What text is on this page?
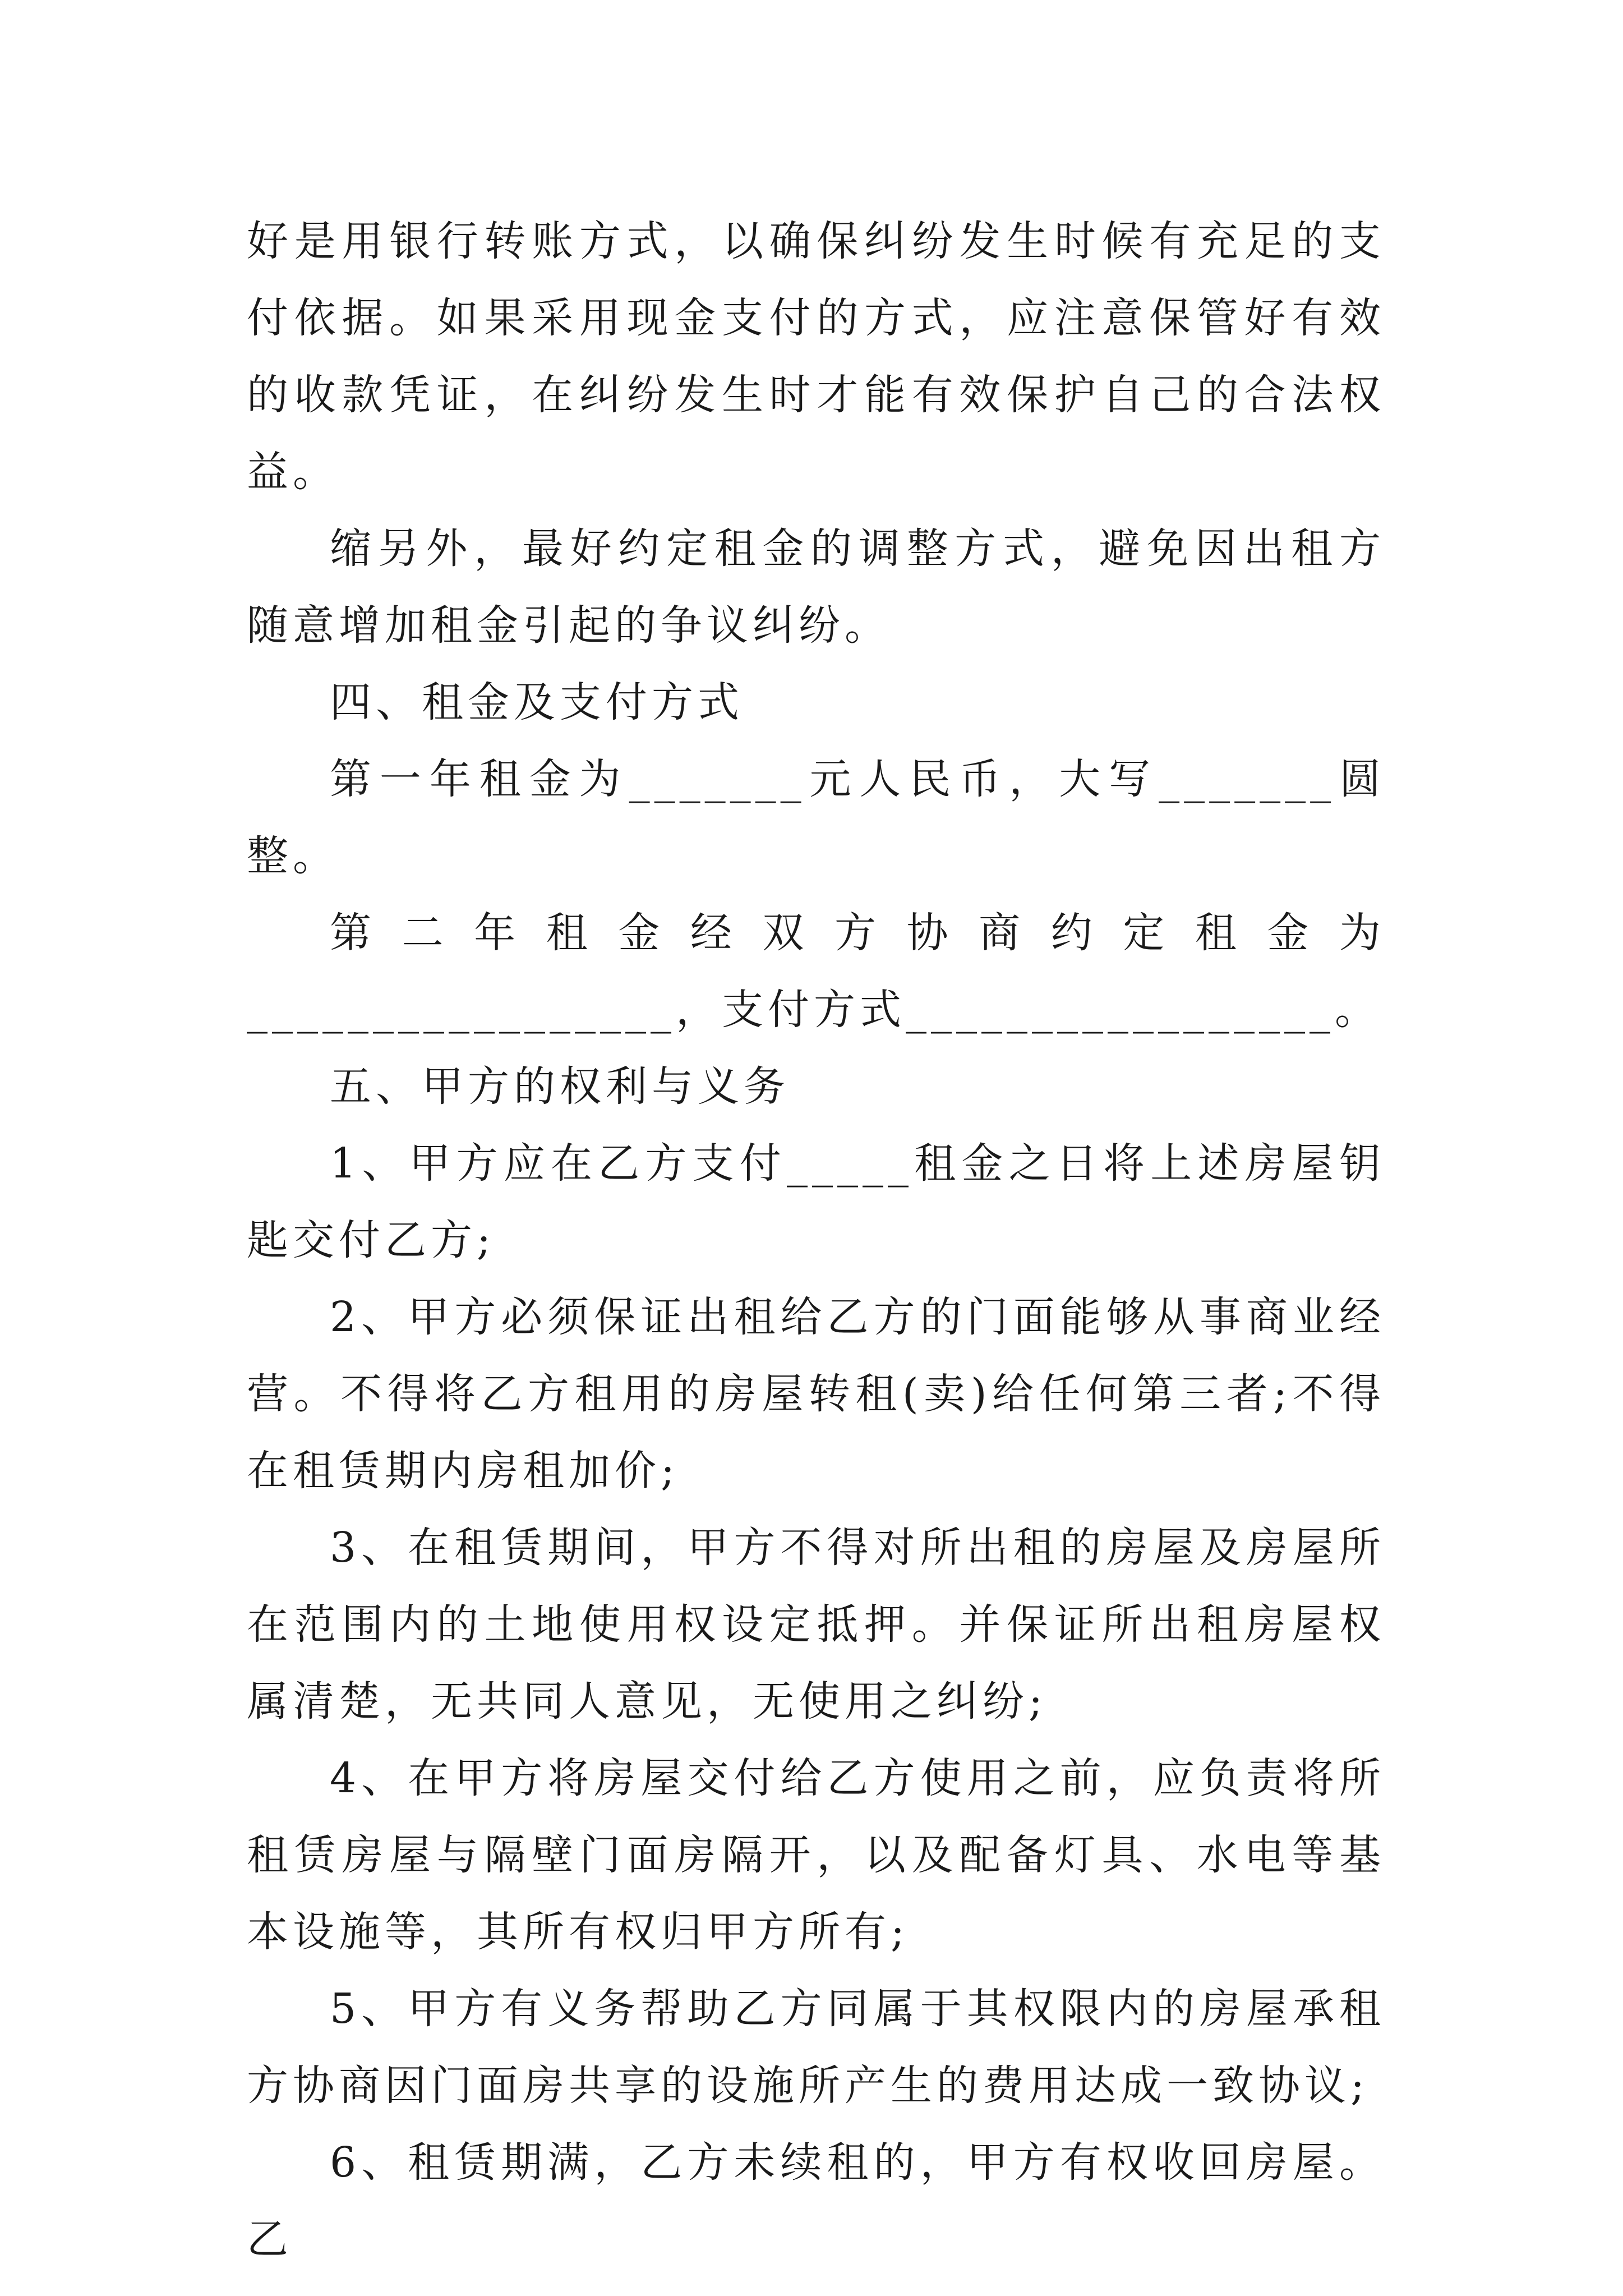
好是用银行转账方式，以确保纠纷发生时候有充足的支付依据。如果采用现金支付的方式，应注意保管好有效的收款凭证，在纠纷发生时才能有效保护自己的合法权益。

缩另外，最好约定租金的调整方式，避免因出租方随意增加租金引起的争议纠纷。

四、租金及支付方式

第一年租金为_______元人民币，大写_______圆整。

第二年租金经双方协商约定租金为_________________，支付方式_________________。

五、甲方的权利与义务

1、甲方应在乙方支付_____租金之日将上述房屋钥匙交付乙方;

2、甲方必须保证出租给乙方的门面能够从事商业经营。不得将乙方租用的房屋转租(卖)给任何第三者;不得在租赁期内房租加价;

3、在租赁期间，甲方不得对所出租的房屋及房屋所在范围内的土地使用权设定抵押。并保证所出租房屋权属清楚，无共同人意见，无使用之纠纷;

4、在甲方将房屋交付给乙方使用之前，应负责将所租赁房屋与隔壁门面房隔开，以及配备灯具、水电等基本设施等，其所有权归甲方所有;

5、甲方有义务帮助乙方同属于其权限内的房屋承租方协商因门面房共享的设施所产生的费用达成一致协议;

6、租赁期满，乙方未续租的，甲方有权收回房屋。乙
